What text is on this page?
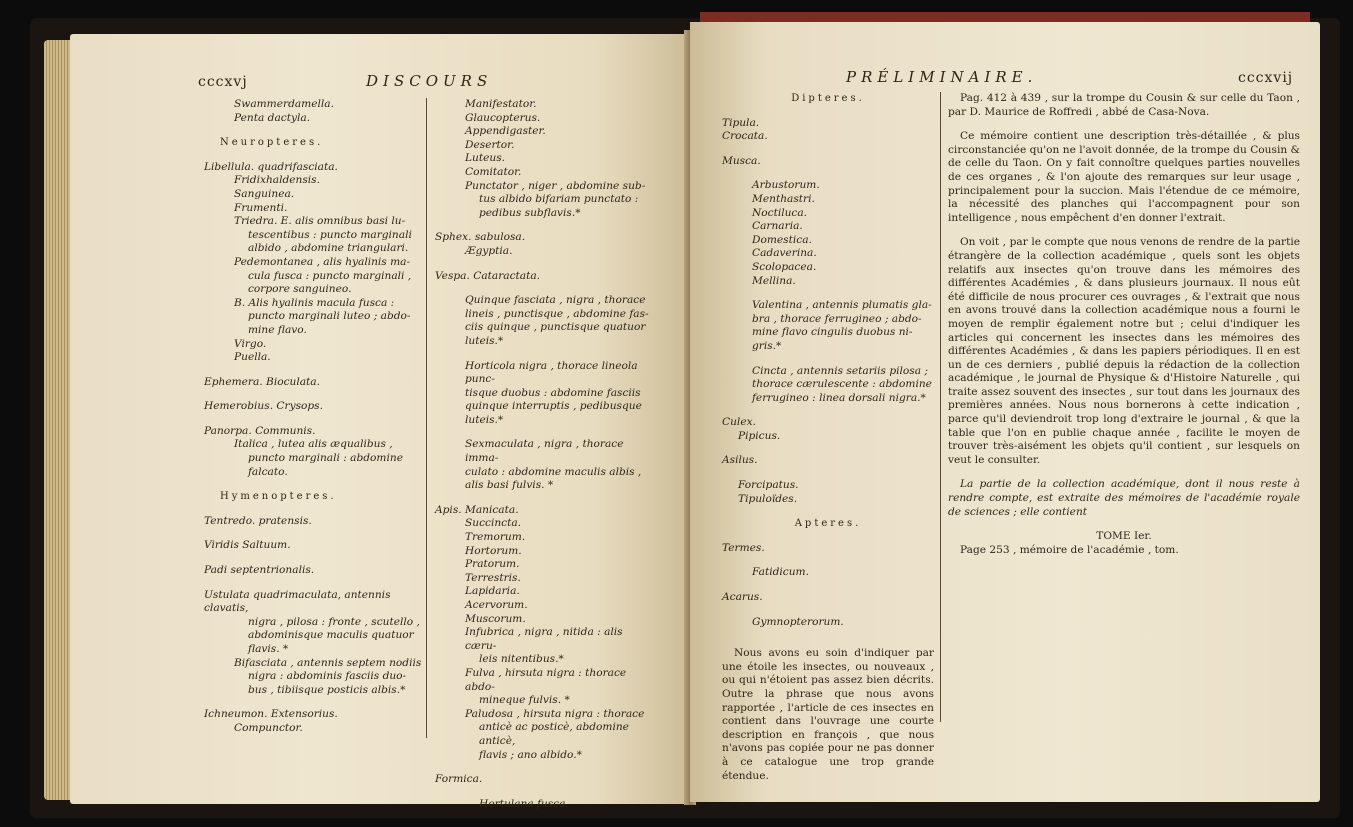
cccxvj	DISCOURS

Swammerdamella.

Penta dactyla.

Neuropteres.

Libellula. quadrifasciata.

Fridixhaldensis.

Sanguinea.

Frumenti.

Triedra. E. alis omnibus basi lu-

tescentibus : puncto marginali

albido , abdomine triangulari.

Pedemontanea , alis hyalinis ma-

cula fusca : puncto marginali ,

corpore sanguineo.

B. Alis hyalinis macula fusca :

puncto marginali luteo ; abdo-

mine flavo.

Virgo.

Puella.

Ephemera. Bioculata.

Hemerobius. Crysops.

Panorpa. Communis.

Italica , lutea alis æqualibus ,

puncto marginali : abdomine

falcato.

Hymenopteres.

Tentredo. pratensis.

Viridis Saltuum.

Padi septentrionalis.

Ustulata quadrimaculata, antennis clavatis,

nigra , pilosa : fronte , scutello ,

abdominisque maculis quatuor

flavis. *

Bifasciata , antennis septem nodiis

nigra : abdominis fasciis duo-

bus , tibiisque posticis albis.*

Ichneumon. Extensorius.

Compunctor.

Manifestator.

Glaucopterus.

Appendigaster.

Desertor.

Luteus.

Comitator.

Punctator , niger , abdomine sub-

tus albido bifariam punctato :

pedibus subflavis.*

Sphex. sabulosa.

Ægyptia.

Vespa. Cataractata.

Quinque fasciata , nigra , thorace

lineis , punctisque , abdomine fas-

ciis quinque , punctisque quatuor

luteis.*

Horticola nigra , thorace lineola punc-

tisque duobus : abdomine fasciis

quinque interruptis , pedibusque

luteis.*

Sexmaculata , nigra , thorace imma-

culato : abdomine maculis albis ,

alis basi fulvis. *

Apis. Manicata.

Succincta.

Tremorum.

Hortorum.

Pratorum.

Terrestris.

Lapidaria.

Acervorum.

Muscorum.

Infubrica , nigra , nitida : alis cæru-

leis nitentibus.*

Fulva , hirsuta nigra : thorace abdo-

mineque fulvis. *

Paludosa , hirsuta nigra : thorace

anticè ac posticè, abdomine anticè,

flavis ; ano albido.*

Formica.

Hortulana fusca.

PRÉLIMINAIRE.	cccxvij

Dipteres.

Tipula.

Crocata.

Musca.

Arbustorum.

Menthastri.

Noctiluca.

Carnaria.

Domestica.

Cadaverina.

Scolopacea.

Mellina.

Valentina , antennis plumatis gla-

bra , thorace ferrugineo ; abdo-

mine flavo cingulis duobus ni-

gris.*

Cincta , antennis setariis pilosa ;

thorace cærulescente : abdomine

ferrugineo : linea dorsali nigra.*

Culex.

Pipicus.

Asilus.

Forcipatus.

Tipuloïdes.

Apteres.

Termes.

Fatidicum.

Acarus.

Gymnopterorum.

Nous avons eu soin d'indiquer par une étoile les insectes, ou nouveaux , ou qui n'étoient pas assez bien décrits. Outre la phrase que nous avons rapportée , l'article de ces insectes en contient dans l'ouvrage une courte description en françois , que nous n'avons pas copiée pour ne pas donner à ce catalogue une trop grande étendue.

Pag. 412 à 439 , sur la trompe du Cousin & sur celle du Taon , par D. Maurice de Roffredi , abbé de Casa-Nova.

Ce mémoire contient une description très-détaillée , & plus circonstanciée qu'on ne l'avoit donnée, de la trompe du Cousin & de celle du Taon. On y fait connoître quelques parties nouvelles de ces organes , & l'on ajoute des remarques sur leur usage , principalement pour la succion. Mais l'étendue de ce mémoire, la nécessité des planches qui l'accompagnent pour son intelligence , nous empêchent d'en donner l'extrait.

On voit , par le compte que nous venons de rendre de la partie étrangère de la collection académique , quels sont les objets relatifs aux insectes qu'on trouve dans les mémoires des différentes Académies , & dans plusieurs journaux. Il nous eût été difficile de nous procurer ces ouvrages , & l'extrait que nous en avons trouvé dans la collection académique nous a fourni le moyen de remplir également notre but ; celui d'indiquer les articles qui concernent les insectes dans les mémoires des différentes Académies , & dans les papiers périodiques. Il en est un de ces derniers , publié depuis la rédaction de la collection académique , le journal de Physique & d'Histoire Naturelle , qui traite assez souvent des insectes , sur tout dans les journaux des premières années. Nous nous bornerons à cette indication , parce qu'il deviendroit trop long d'extraire le journal , & que la table que l'on en publie chaque année , facilite le moyen de trouver très-aisément les objets qu'il contient , sur lesquels on veut le consulter.

La partie de la collection académique, dont il nous reste à rendre compte, est extraite des mémoires de l'académie royale de sciences ; elle contient

TOME Ier.

Page 253 , mémoire de l'académie , tom.
